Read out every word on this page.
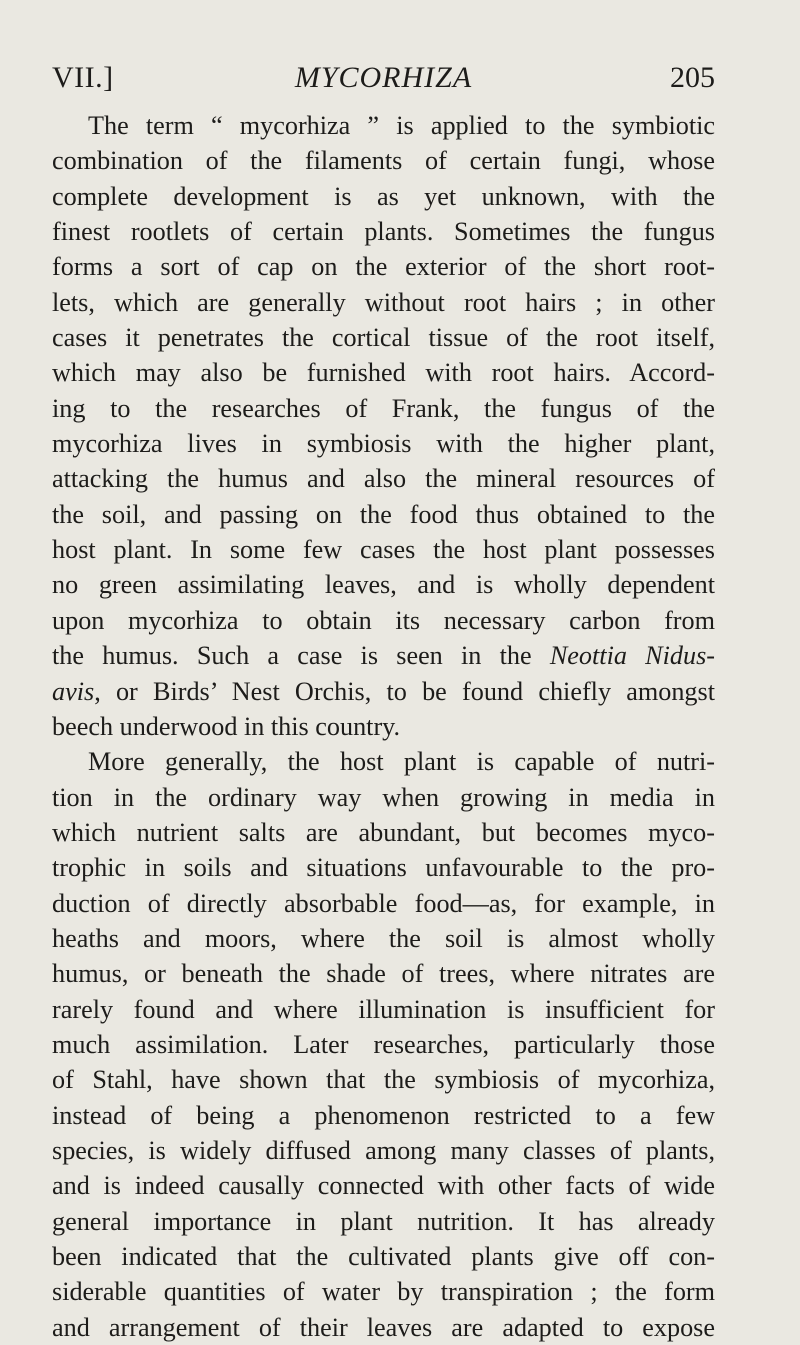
VII.]	MYCORHIZA	205
The term “ mycorhiza ” is applied to the symbiotic
combination of the filaments of certain fungi, whose
complete development is as yet unknown, with the
finest rootlets of certain plants. Sometimes the fungus
forms a sort of cap on the exterior of the short root-
lets, which are generally without root hairs ; in other
cases it penetrates the cortical tissue of the root itself,
which may also be furnished with root hairs. Accord-
ing to the researches of Frank, the fungus of the
mycorhiza lives in symbiosis with the higher plant,
attacking the humus and also the mineral resources of
the soil, and passing on the food thus obtained to the
host plant. In some few cases the host plant possesses
no green assimilating leaves, and is wholly dependent
upon mycorhiza to obtain its necessary carbon from
the humus. Such a case is seen in the Neottia Nidus-
avis, or Birds’ Nest Orchis, to be found chiefly amongst
beech underwood in this country.
More generally, the host plant is capable of nutri-
tion in the ordinary way when growing in media in
which nutrient salts are abundant, but becomes myco-
trophic in soils and situations unfavourable to the pro-
duction of directly absorbable food—as, for example, in
heaths and moors, where the soil is almost wholly
humus, or beneath the shade of trees, where nitrates are
rarely found and where illumination is insufficient for
much assimilation. Later researches, particularly those
of Stahl, have shown that the symbiosis of mycorhiza,
instead of being a phenomenon restricted to a few
species, is widely diffused among many classes of plants,
and is indeed causally connected with other facts of wide
general importance in plant nutrition. It has already
been indicated that the cultivated plants give off con-
siderable quantities of water by transpiration ; the form
and arrangement of their leaves are adapted to expose
